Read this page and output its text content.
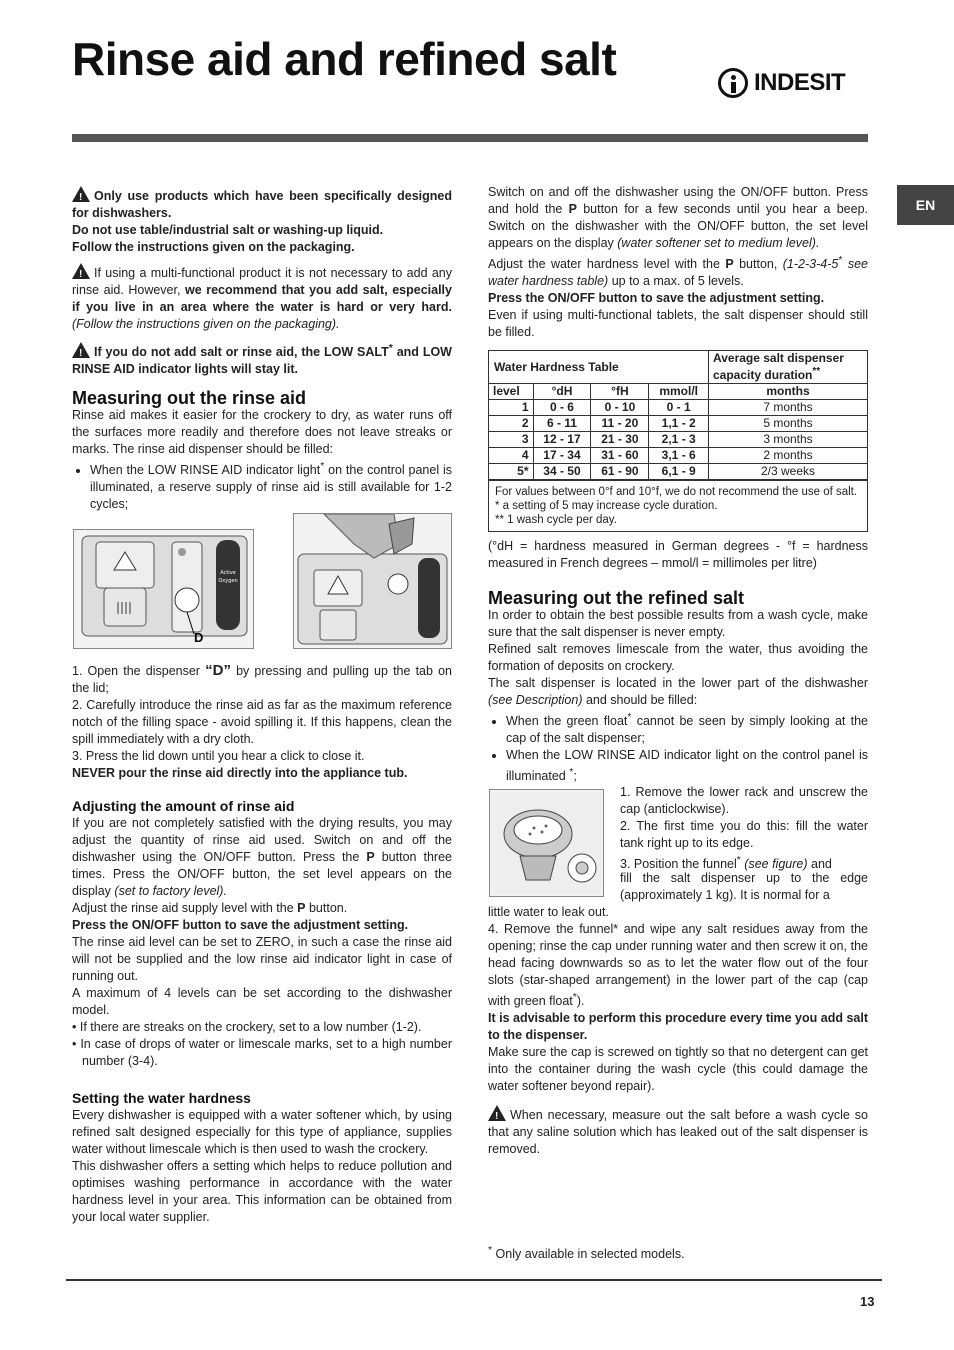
Rinse aid and refined salt	INDESIT
EN

!Only use products which have been specifically designed for dishwashers.
Do not use table/industrial salt or washing-up liquid.
Follow the instructions given on the packaging.

!If using a multi-functional product it is not necessary to add any rinse aid. However, we recommend that you add salt, especially if you live in an area where the water is hard or very hard. (Follow the instructions given on the packaging).

!If you do not add salt or rinse aid, the LOW SALT* and LOW RINSE AID indicator lights will stay lit.

Measuring out the rinse aid

Rinse aid makes it easier for the crockery to dry, as water runs off the surfaces more readily and therefore does not leave streaks or marks. The rinse aid dispenser should be filled:

• When the LOW RINSE AID indicator light* on the control panel is illuminated, a reserve supply of rinse aid is still available for 1-2 cycles;
Active
Oxygen
D

1. Open the dispenser “D” by pressing and pulling up the tab on the lid;

2. Carefully introduce the rinse aid as far as the maximum reference notch of the filling space - avoid spilling it. If this happens, clean the spill immediately with a dry cloth.

3. Press the lid down until you hear a click to close it.

NEVER pour the rinse aid directly into the appliance tub.

Adjusting the amount of rinse aid

If you are not completely satisfied with the drying results, you may adjust the quantity of rinse aid used. Switch on and off the dishwasher using the ON/OFF button. Press the P button three times. Press the ON/OFF button, the set level appears on the display (set to factory level).

Adjust the rinse aid supply level with the P button.

Press the ON/OFF button to save the adjustment setting.

The rinse aid level can be set to ZERO, in such a case the rinse aid will not be supplied and the low rinse aid indicator light in case of running out.

A maximum of 4 levels can be set according to the dishwasher model.

• If there are streaks on the crockery, set to a low number (1-2).

• In case of drops of water or limescale marks, set to a high number number (3-4).

Setting the water hardness

Every dishwasher is equipped with a water softener which, by using refined salt designed especially for this type of appliance, supplies water without limescale which is then used to wash the crockery.

This dishwasher offers a setting which helps to reduce pollution and optimises washing performance in accordance with the water hardness level in your area. This information can be obtained from your local water supplier.

Switch on and off the dishwasher using the ON/OFF button. Press and hold the P button for a few seconds until you hear a beep. Switch on the dishwasher with the ON/OFF button, the set level appears on the display (water softener set to medium level).

Adjust the water hardness level with the P button, (1-2-3-4-5* see water hardness table) up to a max. of 5 levels.

Press the ON/OFF button to save the adjustment setting.

Even if using multi-functional tablets, the salt dispenser should still be filled.

Water Hardness Table				Average salt dispenser capacity duration**
level	°dH	°fH	mmol/l	months
1	0 - 6	0 - 10	0 - 1	7 months
2	6 - 11	11 - 20	1,1 - 2	5 months
3	12 - 17	21 - 30	2,1 - 3	3 months
4	17 - 34	31 - 60	3,1 - 6	2 months
5*	34 - 50	61 - 90	6,1 - 9	2/3 weeks
For values between 0°f and 10°f, we do not recommend the use of salt.
* a setting of 5 may increase cycle duration.
** 1 wash cycle per day.

(°dH = hardness measured in German degrees - °f = hardness measured in French degrees – mmol/l = millimoles per litre)

Measuring out the refined salt

In order to obtain the best possible results from a wash cycle, make sure that the salt dispenser is never empty.

Refined salt removes limescale from the water, thus avoiding the formation of deposits on crockery.

The salt dispenser is located in the lower part of the dishwasher (see Description) and should be filled:

• When the green float* cannot be seen by simply looking at the cap of the salt dispenser;
• When the LOW RINSE AID indicator light on the control panel is illuminated *;

1. Remove the lower rack and unscrew the cap (anticlockwise).

2. The first time you do this: fill the water tank right up to its edge.

3. Position the funnel* (see figure) and

fill the salt dispenser up to the edge (approximately 1 kg). It is normal for a

little water to leak out.

4. Remove the funnel* and wipe any salt residues away from the opening; rinse the cap under running water and then screw it on, the head facing downwards so as to let the water flow out of the four slots (star-shaped arrangement) in the lower part of the cap (cap with green float*).

It is advisable to perform this procedure every time you add salt to the dispenser.

Make sure the cap is screwed on tightly so that no detergent can get into the container during the wash cycle (this could damage the water softener beyond repair).

!When necessary, measure out the salt before a wash cycle so that any saline solution which has leaked out of the salt dispenser is removed.

* Only available in selected models.

13
